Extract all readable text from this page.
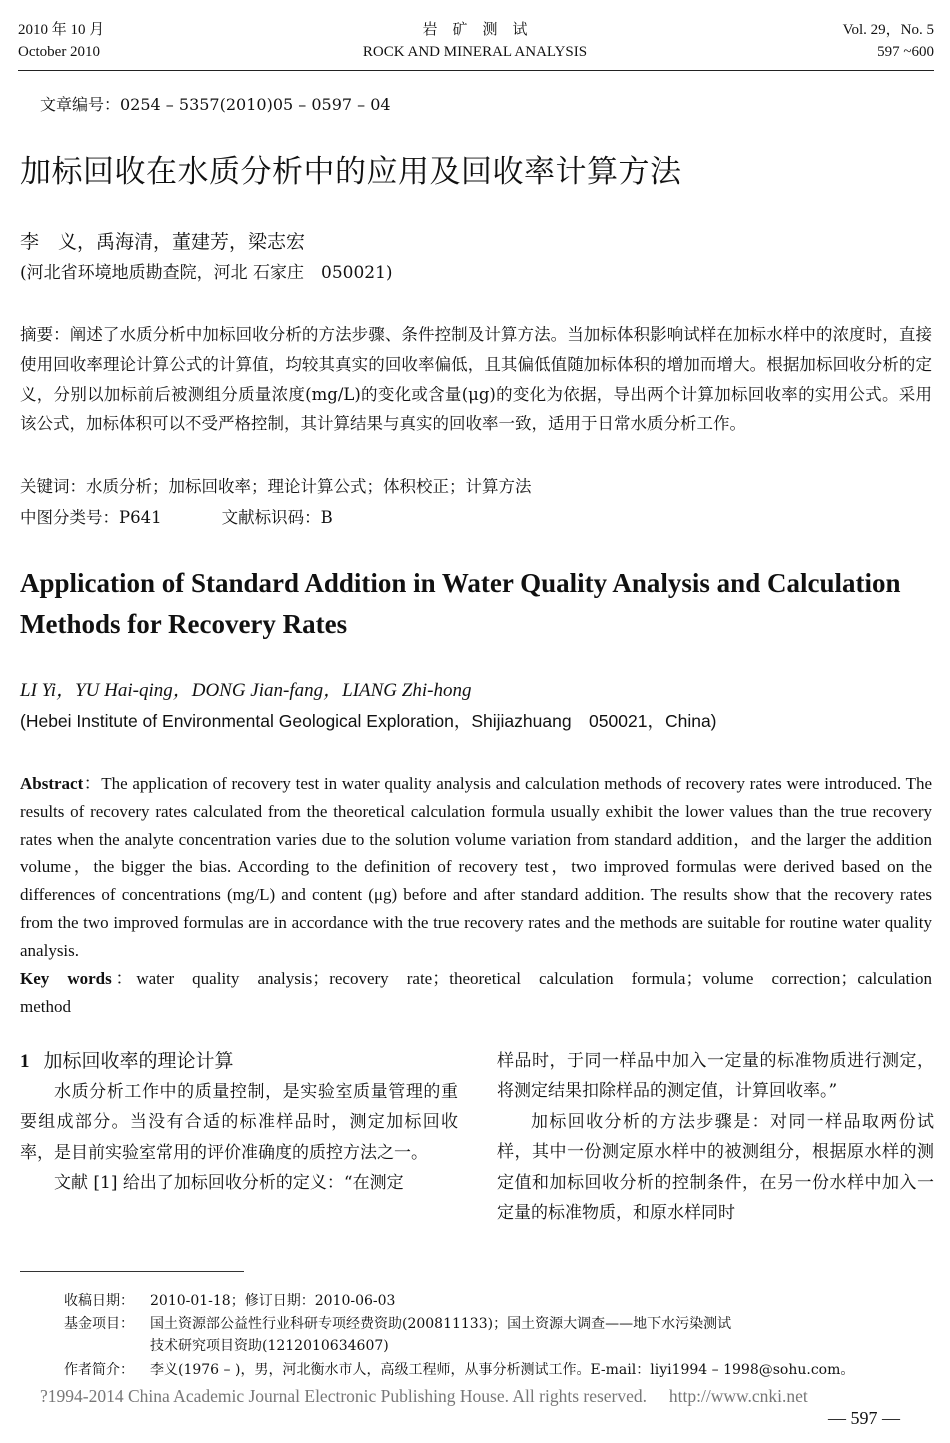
2010 年 10 月
October 2010
岩　矿　测　试
ROCK AND MINERAL ANALYSIS
Vol. 29，No. 5
597 ~600
文章编号：0254 – 5357(2010)05 – 0597 – 04
加标回收在水质分析中的应用及回收率计算方法
李　义，禹海清，董建芳，梁志宏
(河北省环境地质勘查院，河北 石家庄　050021)

摘要：阐述了水质分析中加标回收分析的方法步骤、条件控制及计算方法。当加标体积影响试样在加标水样中的浓度时，直接使用回收率理论计算公式的计算值，均较其真实的回收率偏低，且其偏低值随加标体积的增加而增大。根据加标回收分析的定义，分别以加标前后被测组分质量浓度(mg/L)的变化或含量(μg)的变化为依据，导出两个计算加标回收率的实用公式。采用该公式，加标体积可以不受严格控制，其计算结果与真实的回收率一致，适用于日常水质分析工作。

关键词：水质分析；加标回收率；理论计算公式；体积校正；计算方法
中图分类号：P641	文献标识码：B
Application of Standard Addition in Water Quality Analysis and Calculation Methods for Recovery Rates
LI Yi，YU Hai-qing，DONG Jian-fang，LIANG Zhi-hong
(Hebei Institute of Environmental Geological Exploration，Shijiazhuang　050021，China)

Abstract：The application of recovery test in water quality analysis and calculation methods of recovery rates were introduced. The results of recovery rates calculated from the theoretical calculation formula usually exhibit the lower values than the true recovery rates when the analyte concentration varies due to the solution volume variation from standard addition，and the larger the addition volume，the bigger the bias. According to the definition of recovery test，two improved formulas were derived based on the differences of concentrations (mg/L) and content (μg) before and after standard addition. The results show that the recovery rates from the two improved formulas are in accordance with the true recovery rates and the methods are suitable for routine water quality analysis.

Key words：water quality analysis；recovery rate；theoretical calculation formula；volume correction；calculation method

1 加标回收率的理论计算

水质分析工作中的质量控制，是实验室质量管理的重要组成部分。当没有合适的标准样品时，测定加标回收率，是目前实验室常用的评价准确度的质控方法之一。

文献 [1] 给出了加标回收分析的定义：“在测定

样品时，于同一样品中加入一定量的标准物质进行测定，将测定结果扣除样品的测定值，计算回收率。”

加标回收分析的方法步骤是：对同一样品取两份试样，其中一份测定原水样中的被测组分，根据原水样的测定值和加标回收分析的控制条件，在另一份水样中加入一定量的标准物质，和原水样同时

收稿日期： 2010-01-18；修订日期：2010-06-03
基金项目： 国土资源部公益性行业科研专项经费资助(200811133)；国土资源大调查——地下水污染测试
技术研究项目资助(1212010634607)
作者简介： 李义(1976 – )，男，河北衡水市人，高级工程师，从事分析测试工作。E-mail：liyi1994 – 1998@sohu.com。
?1994-2014 China Academic Journal Electronic Publishing House. All rights reserved.　 http://www.cnki.net
— 597 —
